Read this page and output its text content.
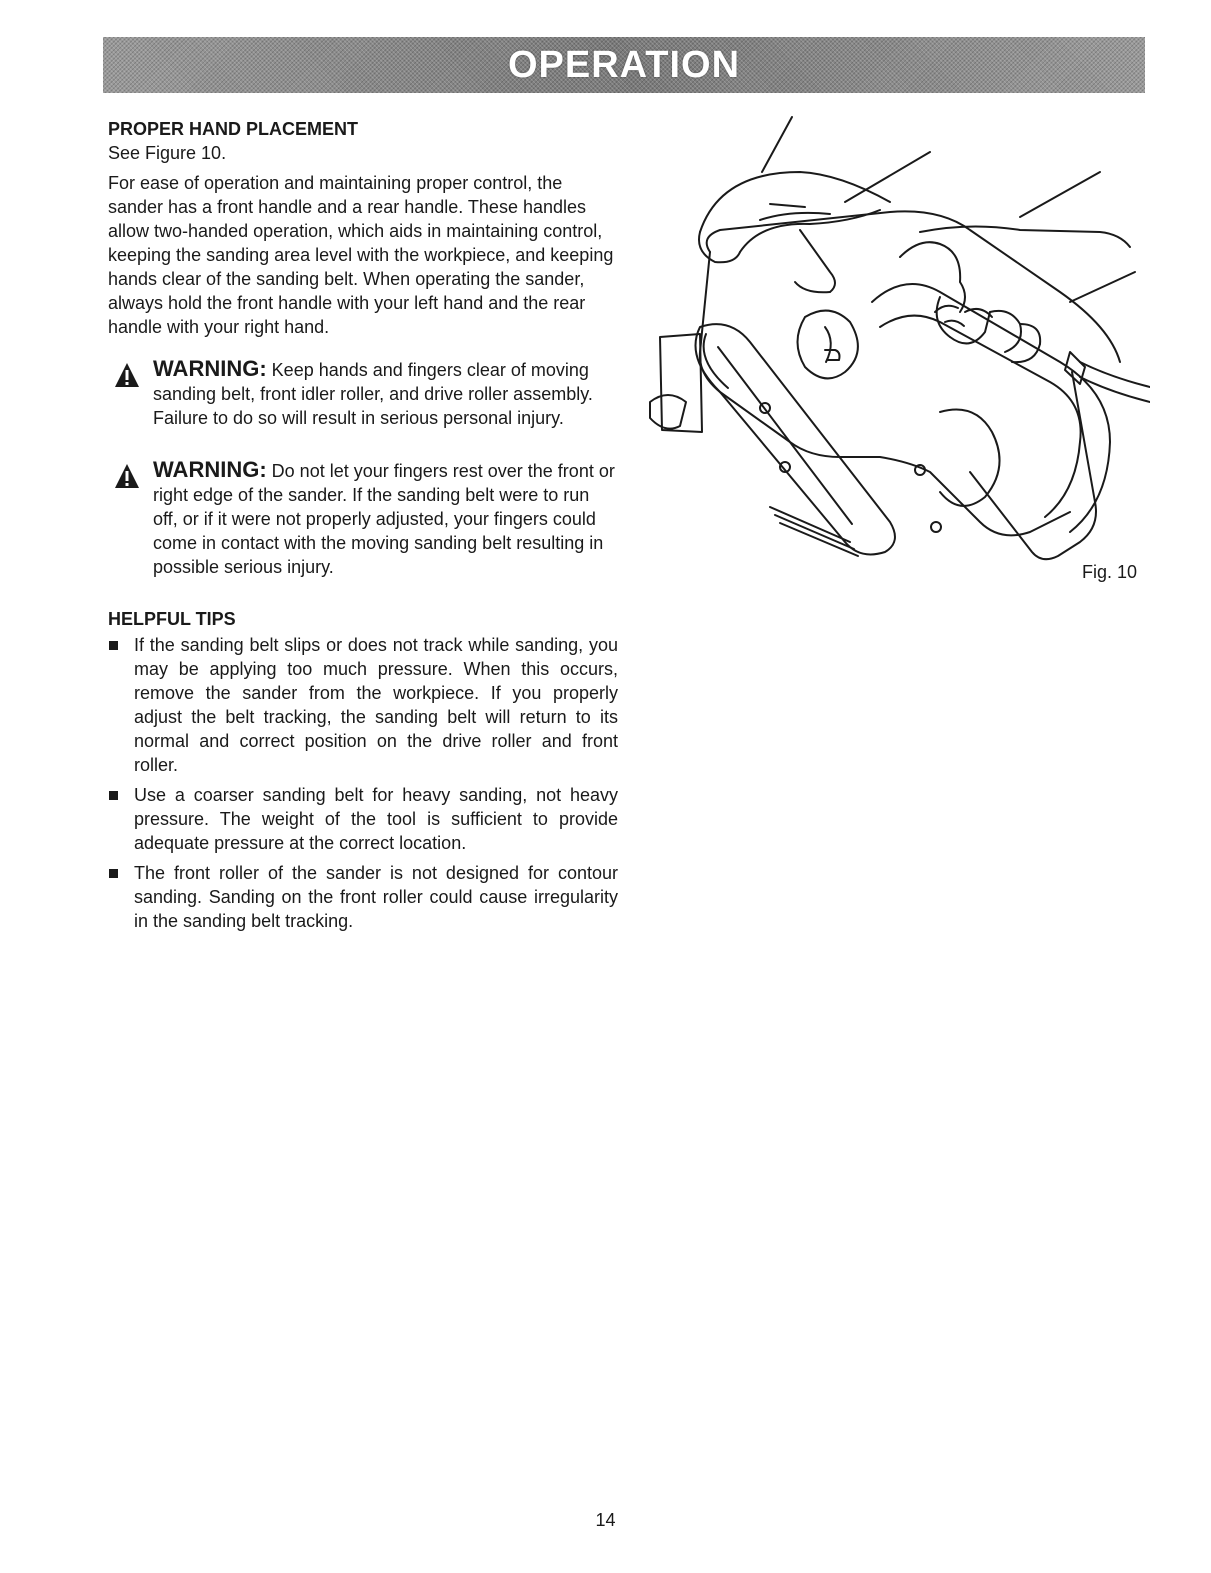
OPERATION
PROPER HAND PLACEMENT

See Figure 10.

For ease of operation and maintaining proper control, the sander has a front handle and a rear handle. These handles allow two-handed operation, which aids in maintaining control, keeping the sanding area level with the workpiece, and keeping hands clear of the sanding belt. When operating the sander, always hold the front handle with your left hand and the rear handle with your right hand.

WARNING: Keep hands and fingers clear of moving sanding belt, front idler roller, and drive roller assembly. Failure to do so will result in serious personal injury.
WARNING: Do not let your fingers rest over the front or right edge of the sander. If the sanding belt were to run off, or if it were not properly adjusted, your fingers could come in contact with the moving sanding belt resulting in possible serious injury.
HELPFUL TIPS
If the sanding belt slips or does not track while sanding, you may be applying too much pressure. When this occurs, remove the sander from the workpiece. If you properly adjust the belt tracking, the sanding belt will return to its normal and correct position on the drive roller and front roller.
Use a coarser sanding belt for heavy sanding, not heavy pressure. The weight of the tool is sufficient to provide adequate pressure at the correct location.
The front roller of the sander is not designed for contour sanding. Sanding on the front roller could cause irregularity in the sanding belt tracking.
Fig. 10
14
